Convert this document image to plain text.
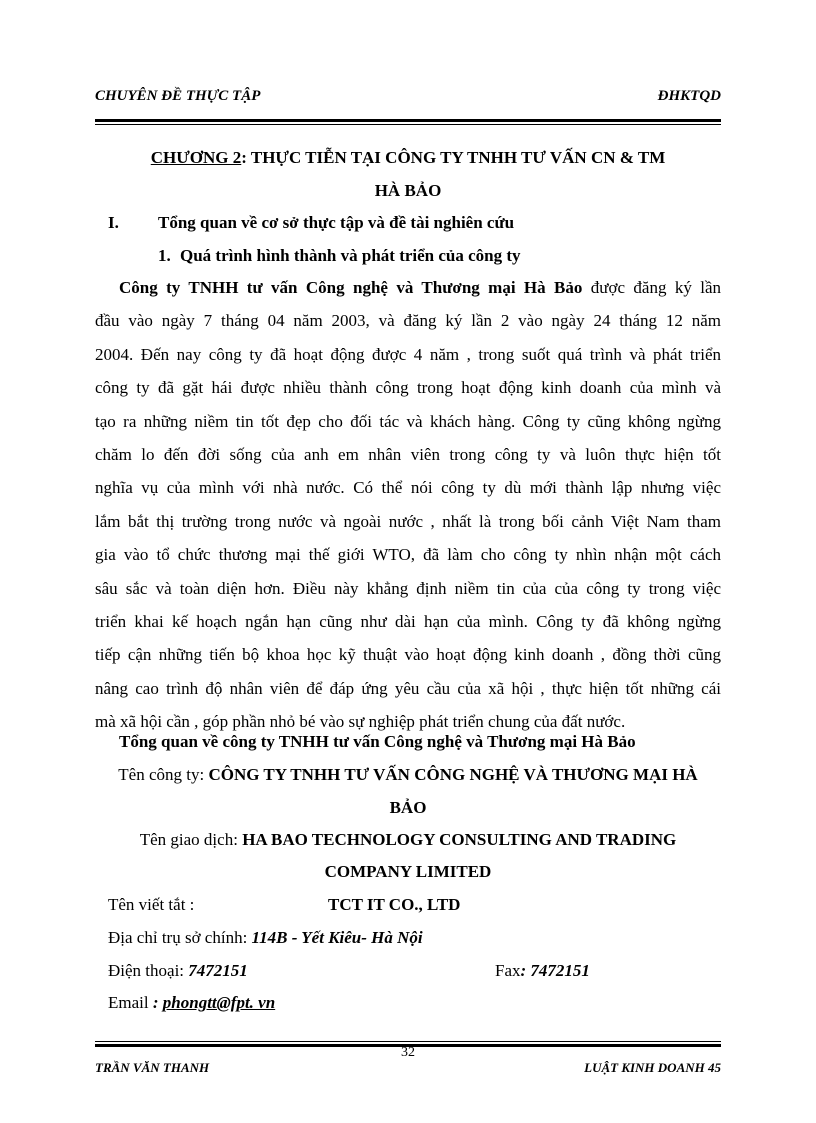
CHUYÊN ĐỀ THỰC TẬP	ĐHKTQD
CHƯƠNG 2: THỰC TIỄN TẠI CÔNG TY TNHH TƯ VẤN CN & TM
HÀ BẢO
I. Tổng quan về cơ sở thực tập và đề tài nghiên cứu
1. Quá trình hình thành và phát triển của công ty
Công ty TNHH tư vấn Công nghệ và Thương mại Hà Bảo được đăng ký lần
đầu vào ngày 7 tháng 04 năm 2003, và đăng ký lần 2 vào ngày 24 tháng 12 năm
2004. Đến nay công ty đã hoạt động được 4 năm , trong suốt quá trình và phát triển
công ty đã gặt hái được nhiều thành công trong hoạt động kinh doanh của mình và
tạo ra những niềm tin tốt đẹp cho đối tác và khách hàng. Công ty cũng không ngừng
chăm lo đến đời sống của anh em nhân viên trong công ty và luôn thực hiện tốt
nghĩa vụ của mình với nhà nước. Có thể nói công ty dù mới thành lập nhưng việc
lắm bắt thị trường trong nước và ngoài nước , nhất là trong bối cảnh Việt Nam tham
gia vào tổ chức thương mại thế giới WTO, đã làm cho công ty nhìn nhận một cách
sâu sắc và toàn diện hơn. Điều này khẳng định niềm tin của của công ty trong việc
triển khai kế hoạch ngắn hạn cũng như dài hạn của mình. Công ty đã không ngừng
tiếp cận những tiến bộ khoa học kỹ thuật vào hoạt động kinh doanh , đồng thời cũng
nâng cao trình độ nhân viên để đáp ứng yêu cầu của xã hội , thực hiện tốt những cái
mà xã hội cần , góp phần nhỏ bé vào sự nghiệp phát triển chung của đất nước.
Tổng quan về công ty TNHH tư vấn Công nghệ và Thương mại Hà Bảo
Tên công ty: CÔNG TY TNHH TƯ VẤN CÔNG NGHỆ VÀ THƯƠNG MẠI HÀ
BẢO
Tên giao dịch: HA BAO TECHNOLOGY CONSULTING AND TRADING
COMPANY LIMITED
Tên viết tắt :	TCT IT CO., LTD
Địa chỉ trụ sở chính: 114B - Yết Kiêu- Hà Nội
Điện thoại: 7472151	Fax: 7472151
Email : phongtt@fpt. vn
32
TRẦN VĂN THANH	LUẬT KINH DOANH 45
